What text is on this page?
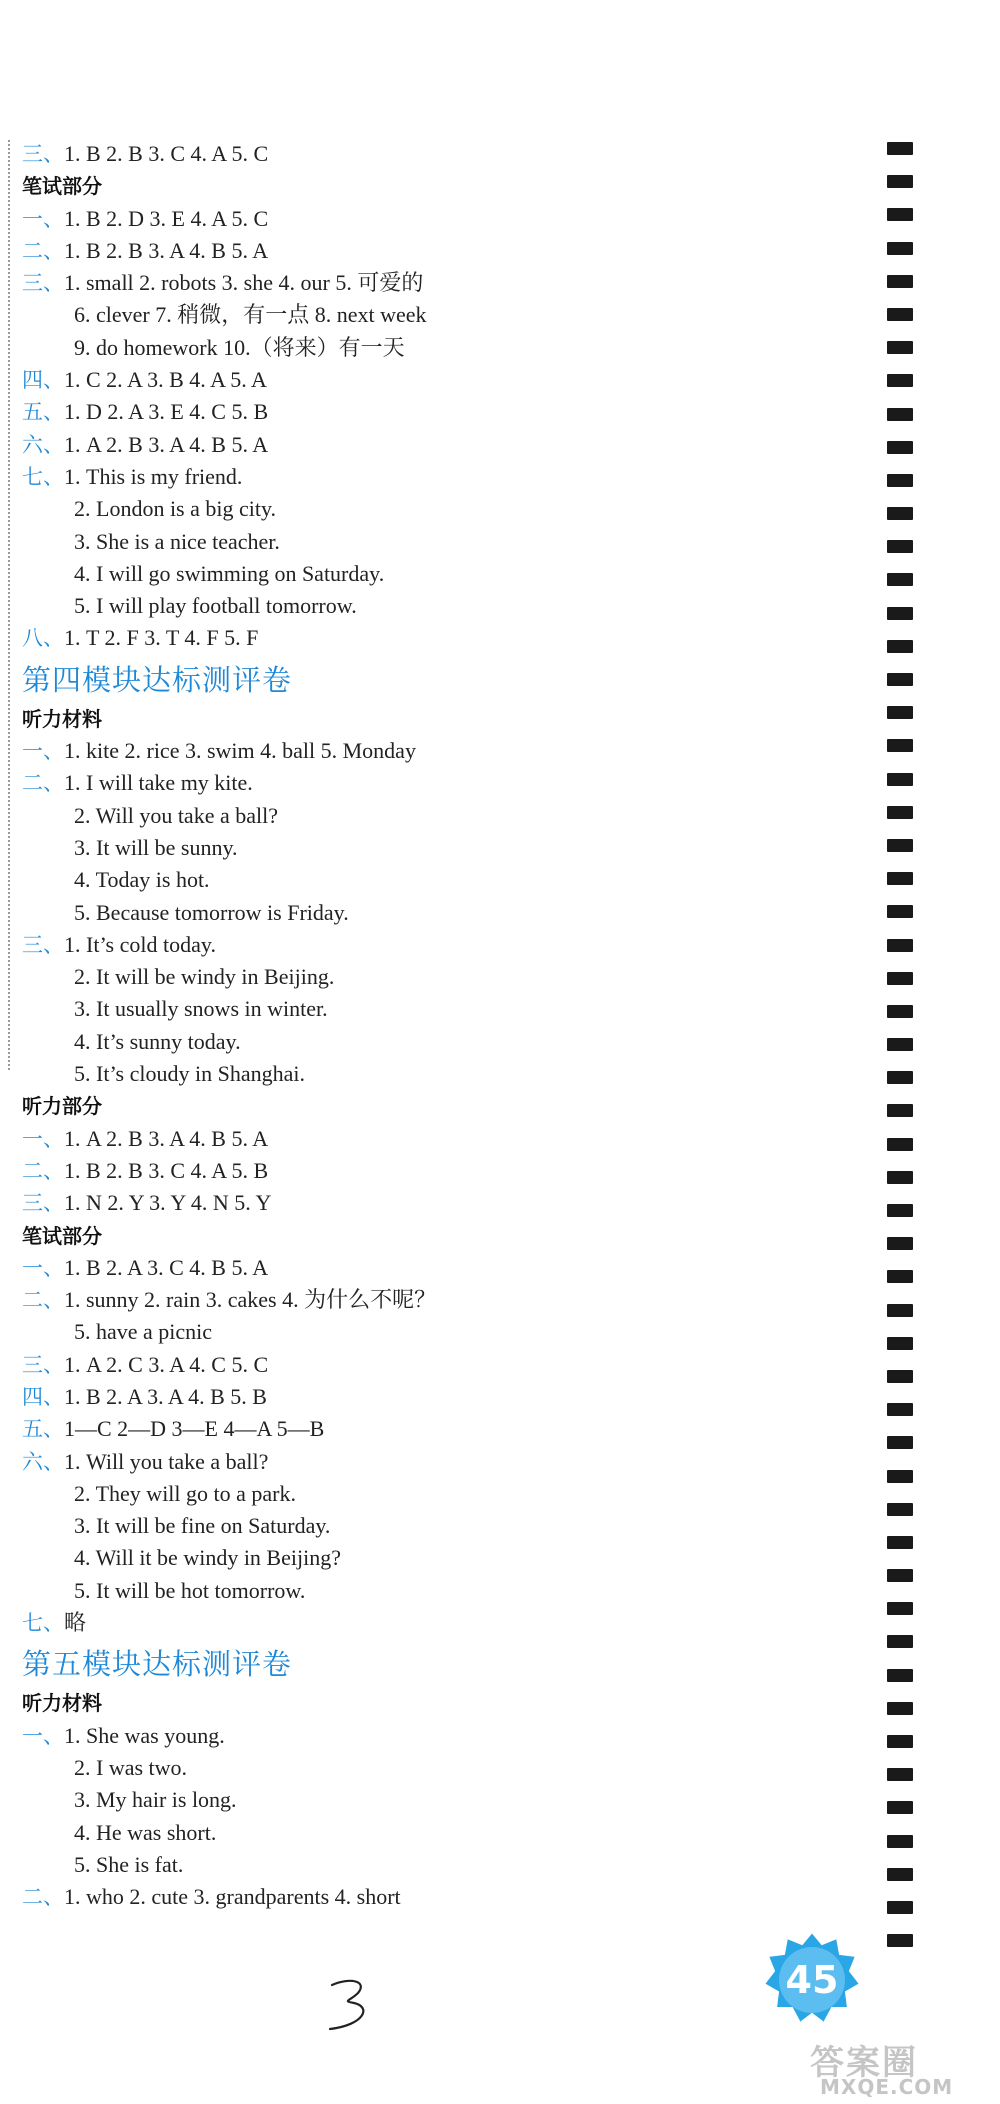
三、1. B 2. B 3. C 4. A 5. C
笔试部分
一、1. B 2. D 3. E 4. A 5. C
二、1. B 2. B 3. A 4. B 5. A
三、1. small 2. robots 3. she 4. our 5. 可爱的
6. clever 7. 稍微，有一点 8. next week
9. do homework 10.（将来）有一天
四、1. C 2. A 3. B 4. A 5. A
五、1. D 2. A 3. E 4. C 5. B
六、1. A 2. B 3. A 4. B 5. A
七、1. This is my friend.
2. London is a big city.
3. She is a nice teacher.
4. I will go swimming on Saturday.
5. I will play football tomorrow.
八、1. T 2. F 3. T 4. F 5. F
第四模块达标测评卷
听力材料
一、1. kite 2. rice 3. swim 4. ball 5. Monday
二、1. I will take my kite.
2. Will you take a ball?
3. It will be sunny.
4. Today is hot.
5. Because tomorrow is Friday.
三、1. It’s cold today.
2. It will be windy in Beijing.
3. It usually snows in winter.
4. It’s sunny today.
5. It’s cloudy in Shanghai.
听力部分
一、1. A 2. B 3. A 4. B 5. A
二、1. B 2. B 3. C 4. A 5. B
三、1. N 2. Y 3. Y 4. N 5. Y
笔试部分
一、1. B 2. A 3. C 4. B 5. A
二、1. sunny 2. rain 3. cakes 4. 为什么不呢？
5. have a picnic
三、1. A 2. C 3. A 4. C 5. C
四、1. B 2. A 3. A 4. B 5. B
五、1—C 2—D 3—E 4—A 5—B
六、1. Will you take a ball?
2. They will go to a park.
3. It will be fine on Saturday.
4. Will it be windy in Beijing?
5. It will be hot tomorrow.
七、略
第五模块达标测评卷
听力材料
一、1. She was young.
2. I was two.
3. My hair is long.
4. He was short.
5. She is fat.
二、1. who 2. cute 3. grandparents 4. short
45
答案圈
MXQE.COM
